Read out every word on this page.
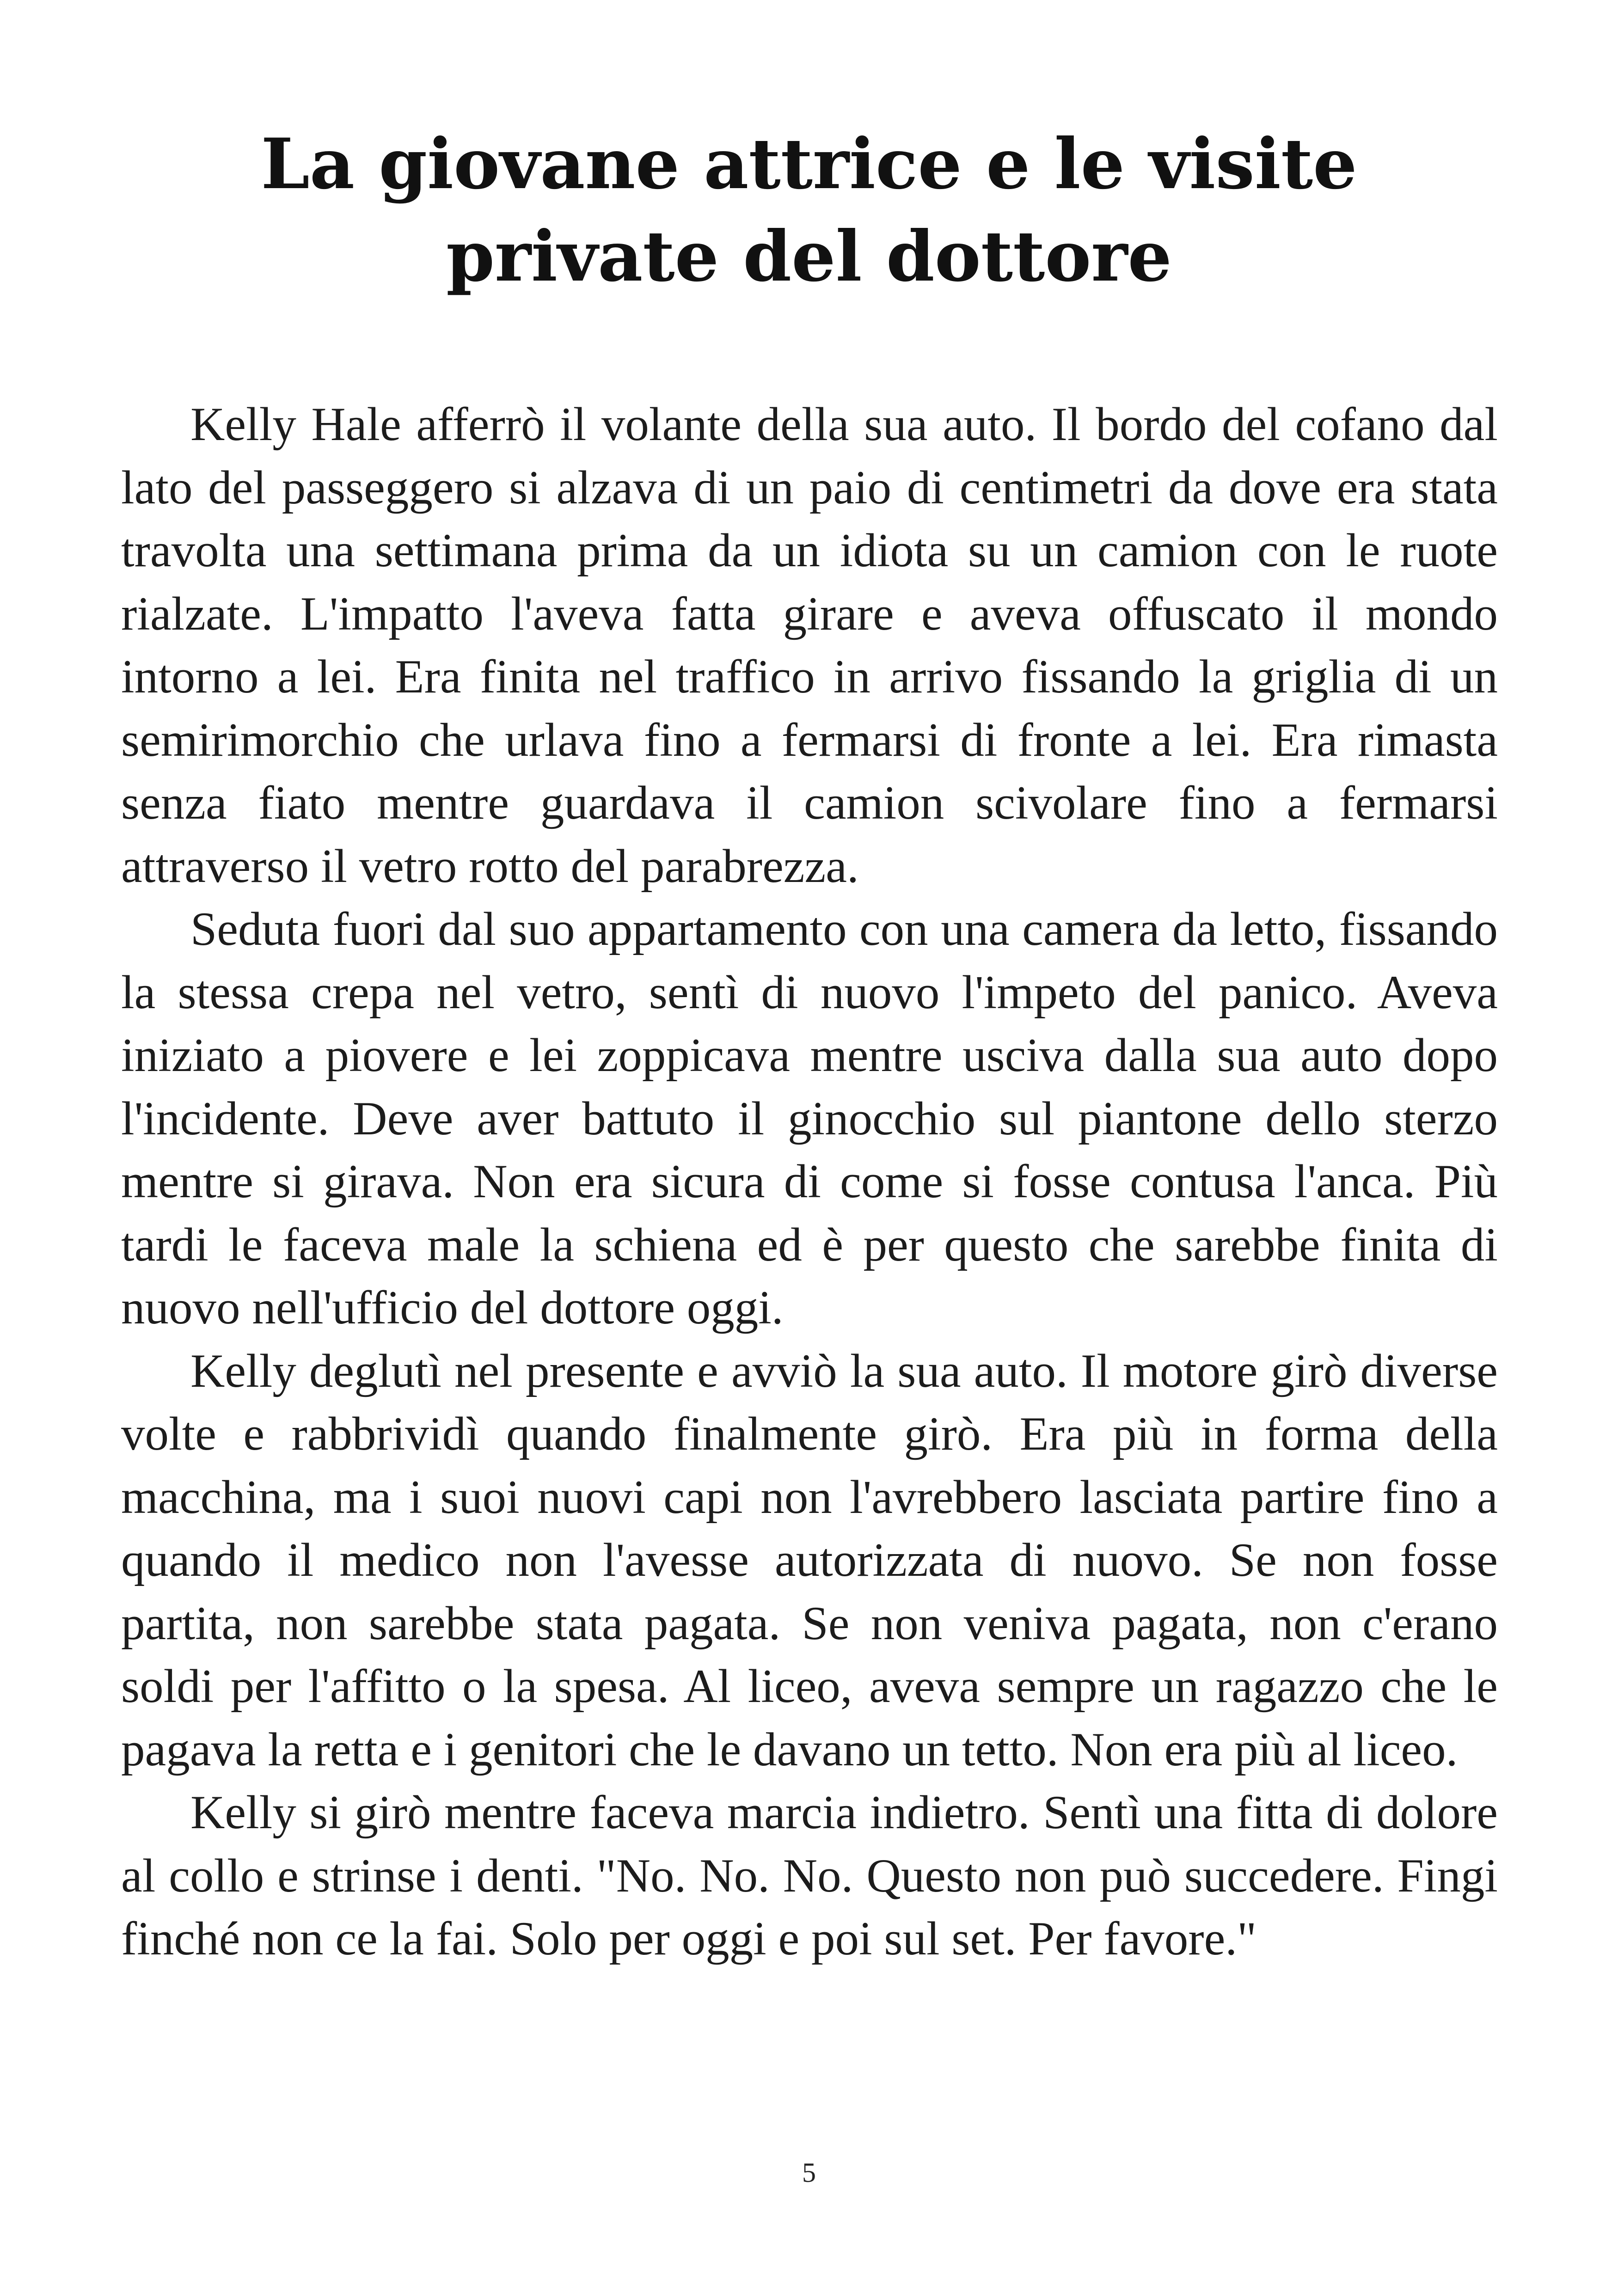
La giovane attrice e le visite private del dottore

Kelly Hale afferrò il volante della sua auto. Il bordo del cofano dal lato del passeggero si alzava di un paio di centimetri da dove era stata travolta una settimana prima da un idiota su un camion con le ruote rialzate. L'impatto l'aveva fatta girare e aveva offuscato il mondo intorno a lei. Era finita nel traffico in arrivo fissando la griglia di un semirimorchio che urlava fino a fermarsi di fronte a lei. Era rimasta senza fiato mentre guardava il camion scivolare fino a fermarsi attraverso il vetro rotto del parabrezza.

Seduta fuori dal suo appartamento con una camera da letto, fissando la stessa crepa nel vetro, sentì di nuovo l'impeto del panico. Aveva iniziato a piovere e lei zoppicava mentre usciva dalla sua auto dopo l'incidente. Deve aver battuto il ginocchio sul piantone dello sterzo mentre si girava. Non era sicura di come si fosse contusa l'anca. Più tardi le faceva male la schiena ed è per questo che sarebbe finita di nuovo nell'ufficio del dottore oggi.

Kelly deglutì nel presente e avviò la sua auto. Il motore girò diverse volte e rabbrividì quando finalmente girò. Era più in forma della macchina, ma i suoi nuovi capi non l'avrebbero lasciata partire fino a quando il medico non l'avesse autorizzata di nuovo. Se non fosse partita, non sarebbe stata pagata. Se non veniva pagata, non c'erano soldi per l'affitto o la spesa. Al liceo, aveva sempre un ragazzo che le pagava la retta e i genitori che le davano un tetto. Non era più al liceo.

Kelly si girò mentre faceva marcia indietro. Sentì una fitta di dolore al collo e strinse i denti. "No. No. No. Questo non può succedere. Fingi finché non ce la fai. Solo per oggi e poi sul set. Per favore."

5
